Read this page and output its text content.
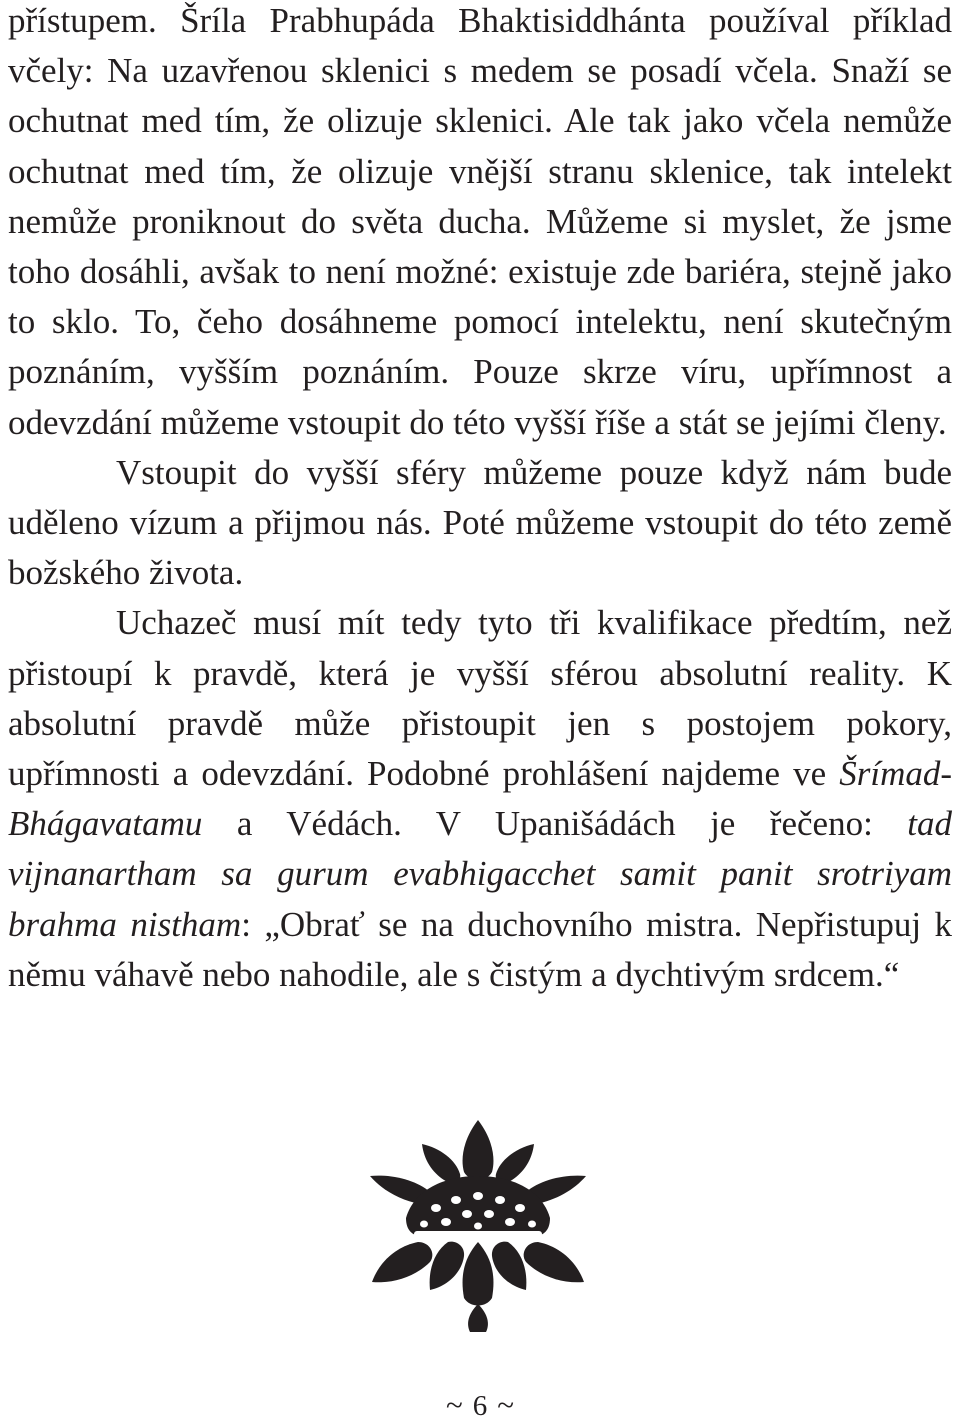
přístupem. Šríla Prabhupáda Bhaktisiddhánta používal příklad včely: Na uzavřenou sklenici s medem se posadí včela. Snaží se ochutnat med tím, že olizuje sklenici. Ale tak jako včela nemůže ochutnat med tím, že olizuje vnější stranu sklenice, tak intelekt nemůže proniknout do světa ducha. Můžeme si myslet, že jsme toho dosáhli, avšak to není možné: existuje zde bariéra, stejně jako to sklo. To, čeho dosáhneme pomocí intelektu, není skutečným poznáním, vyšším poznáním. Pouze skrze víru, upřímnost a odevzdání můžeme vstoupit do této vyšší říše a stát se jejími členy.

Vstoupit do vyšší sféry můžeme pouze když nám bude uděleno vízum a přijmou nás. Poté můžeme vstoupit do této země božského života.

Uchazeč musí mít tedy tyto tři kvalifikace předtím, než přistoupí k pravdě, která je vyšší sférou absolutní reality. K absolutní pravdě může přistoupit jen s postojem pokory, upřímnosti a odevzdání. Podobné prohlášení najdeme ve Šrímad-Bhágavatamu a Védách. V Upanišádách je řečeno: tad vijnanartham sa gurum evabhigacchet samit panit srotriyam brahma nistham: „Obrať se na duchovního mistra. Nepřistupuj k němu váhavě nebo nahodile, ale s čistým a dychtivým srdcem.“

~ 6 ~
